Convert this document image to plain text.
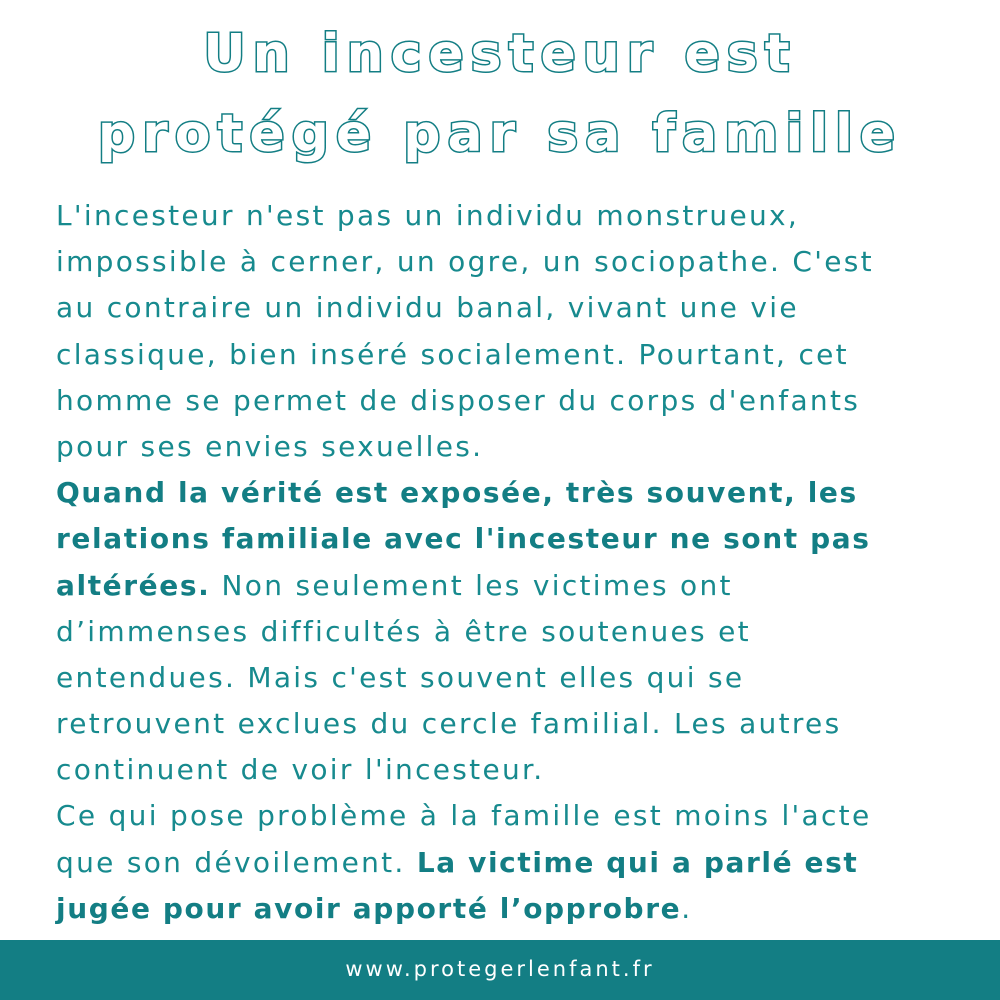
Un incesteur est
protégé par sa famille
L'incesteur n'est pas un individu monstrueux,
impossible à cerner, un ogre, un sociopathe. C'est
au contraire un individu banal, vivant une vie
classique, bien inséré socialement. Pourtant, cet
homme se permet de disposer du corps d'enfants
pour ses envies sexuelles.
Quand la vérité est exposée, très souvent, les
relations familiale avec l'incesteur ne sont pas
altérées. Non seulement les victimes ont
d’immenses difficultés à être soutenues et
entendues. Mais c'est souvent elles qui se
retrouvent exclues du cercle familial. Les autres
continuent de voir l'incesteur.
Ce qui pose problème à la famille est moins l'acte
que son dévoilement. La victime qui a parlé est
jugée pour avoir apporté l’opprobre.
www.protegerlenfant.fr
